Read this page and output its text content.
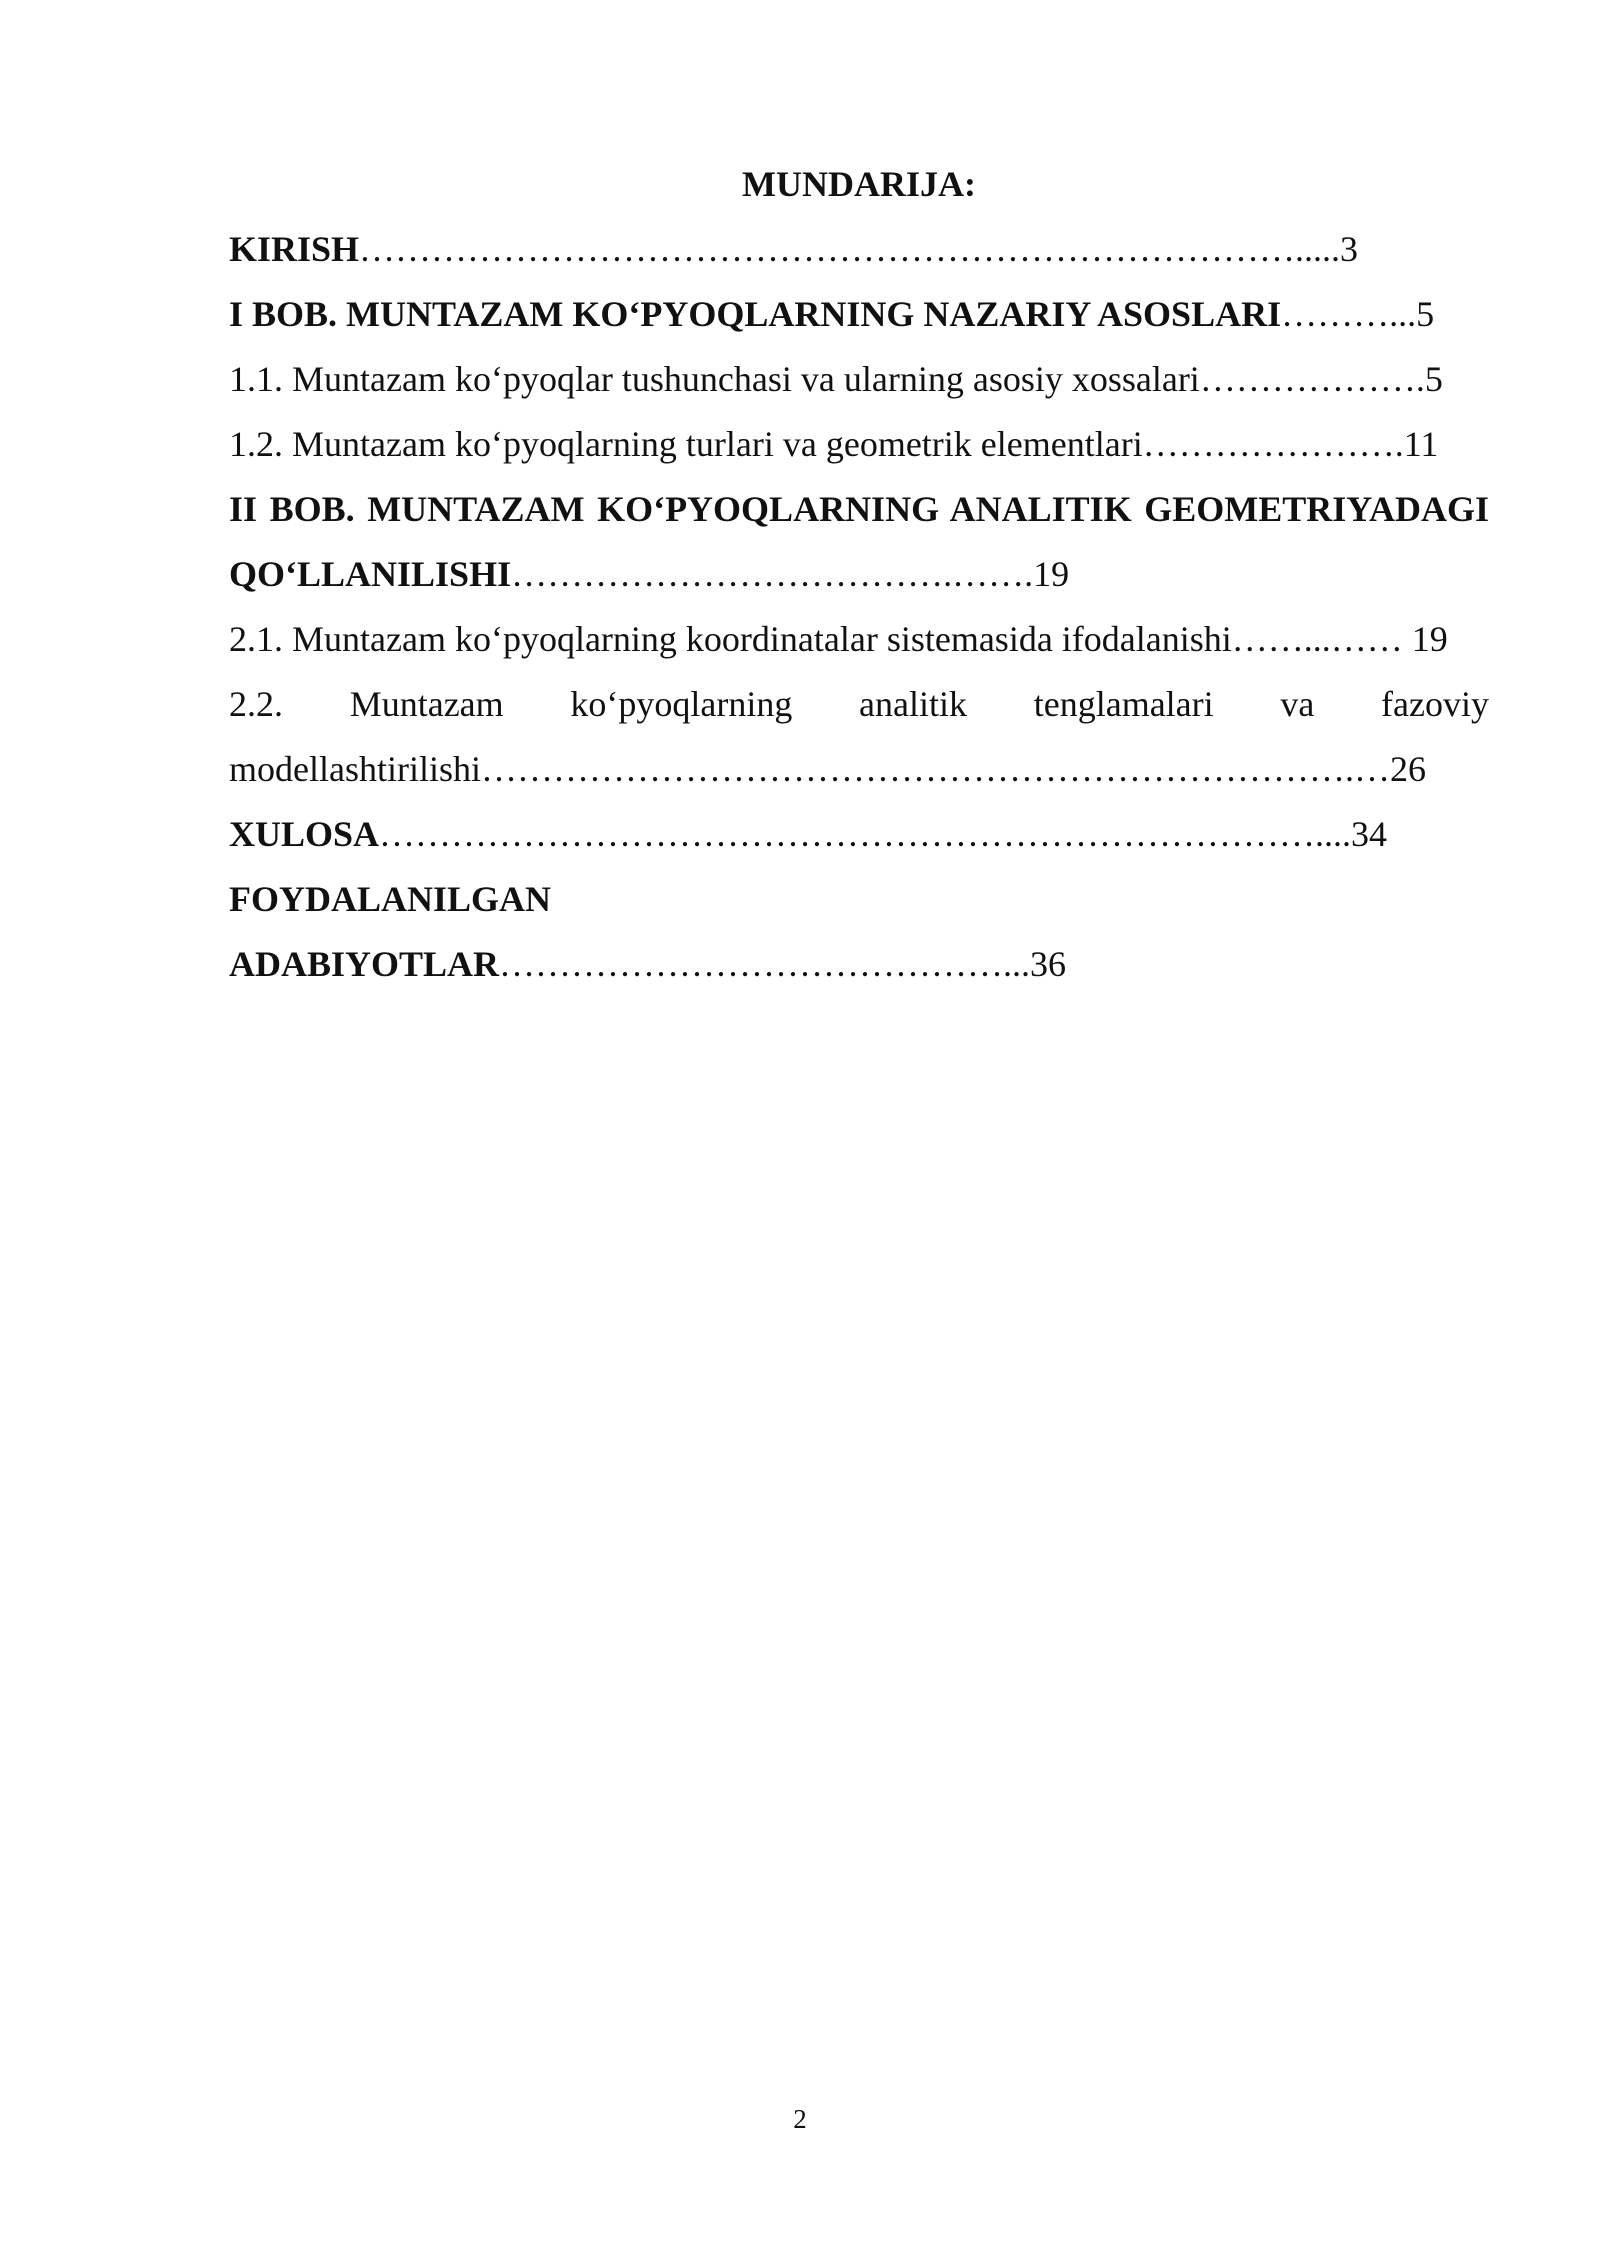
MUNDARIJA:
KIRISH…………………………………………………………………….....3
I BOB. MUNTAZAM KO‘PYOQLARNING NAZARIY ASOSLARI………...5
1.1. Muntazam ko‘pyoqlar tushunchasi va ularning asosiy xossalari……………….5
1.2. Muntazam ko‘pyoqlarning turlari va geometrik elementlari………………….11
II BOB. MUNTAZAM KO‘PYOQLARNING ANALITIK GEOMETRIYADAGI QO‘LLANILISHI……………………………….…….19
2.1. Muntazam ko‘pyoqlarning koordinatalar sistemasida ifodalanishi……...…… 19
2.2. Muntazam ko‘pyoqlarning analitik tenglamalari va fazoviy modellashtirilishi……………………………………………………………….…26
XULOSA……………………………………………………………………....34
FOYDALANILGAN ADABIYOTLAR……………………………………...36
2
